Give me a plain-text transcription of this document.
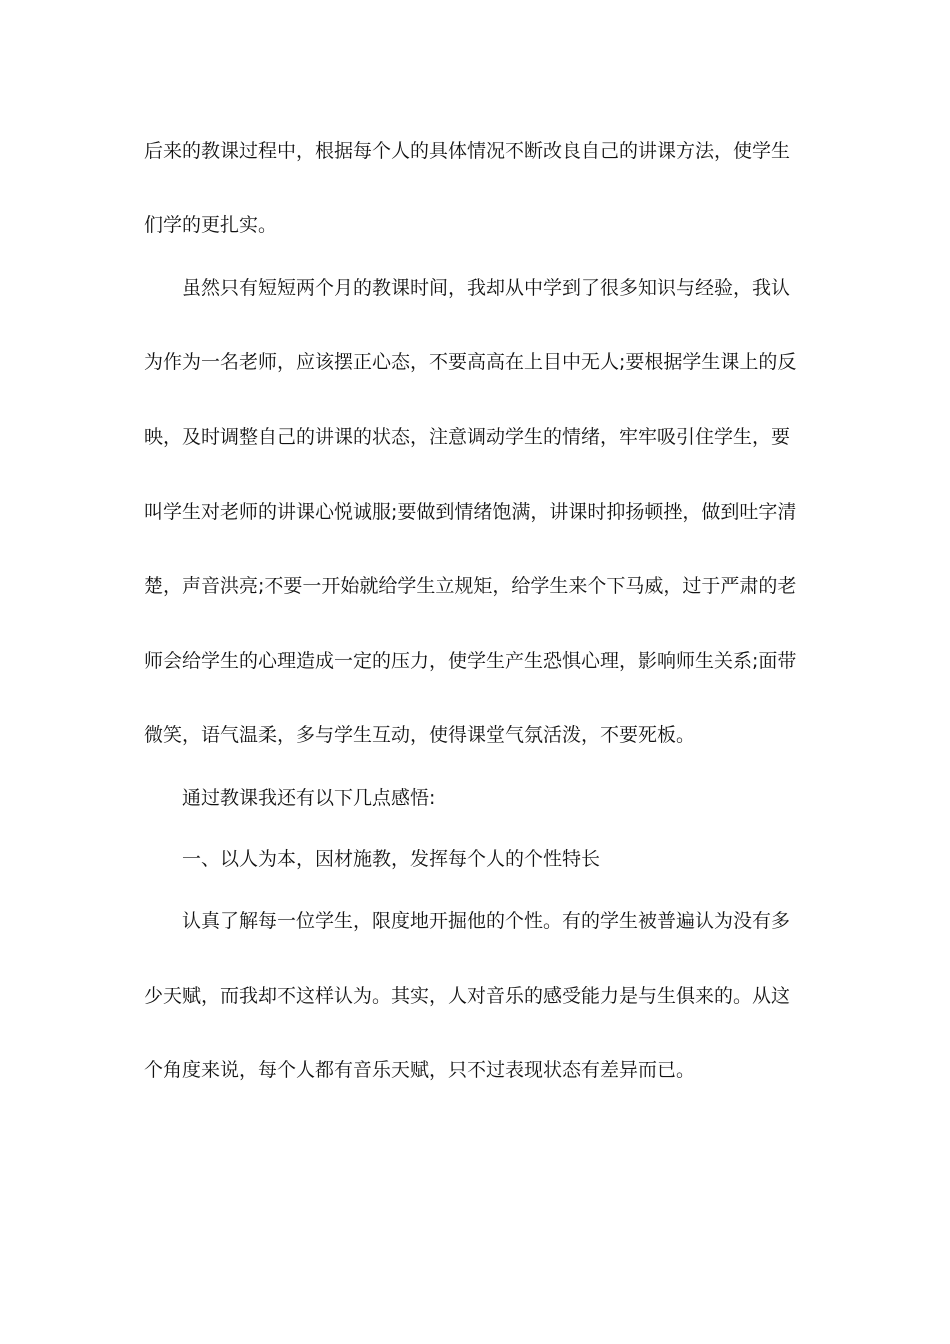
后来的教课过程中，根据每个人的具体情况不断改良自己的讲课方法，使学生
们学的更扎实。
虽然只有短短两个月的教课时间，我却从中学到了很多知识与经验，我认
为作为一名老师，应该摆正心态，不要高高在上目中无人;要根据学生课上的反
映，及时调整自己的讲课的状态，注意调动学生的情绪，牢牢吸引住学生，要
叫学生对老师的讲课心悦诚服;要做到情绪饱满，讲课时抑扬顿挫，做到吐字清
楚，声音洪亮;不要一开始就给学生立规矩，给学生来个下马威，过于严肃的老
师会给学生的心理造成一定的压力，使学生产生恐惧心理，影响师生关系;面带
微笑，语气温柔，多与学生互动，使得课堂气氛活泼，不要死板。
通过教课我还有以下几点感悟:
一、以人为本，因材施教，发挥每个人的个性特长
认真了解每一位学生，限度地开掘他的个性。有的学生被普遍认为没有多
少天赋，而我却不这样认为。其实，人对音乐的感受能力是与生俱来的。从这
个角度来说，每个人都有音乐天赋，只不过表现状态有差异而已。
